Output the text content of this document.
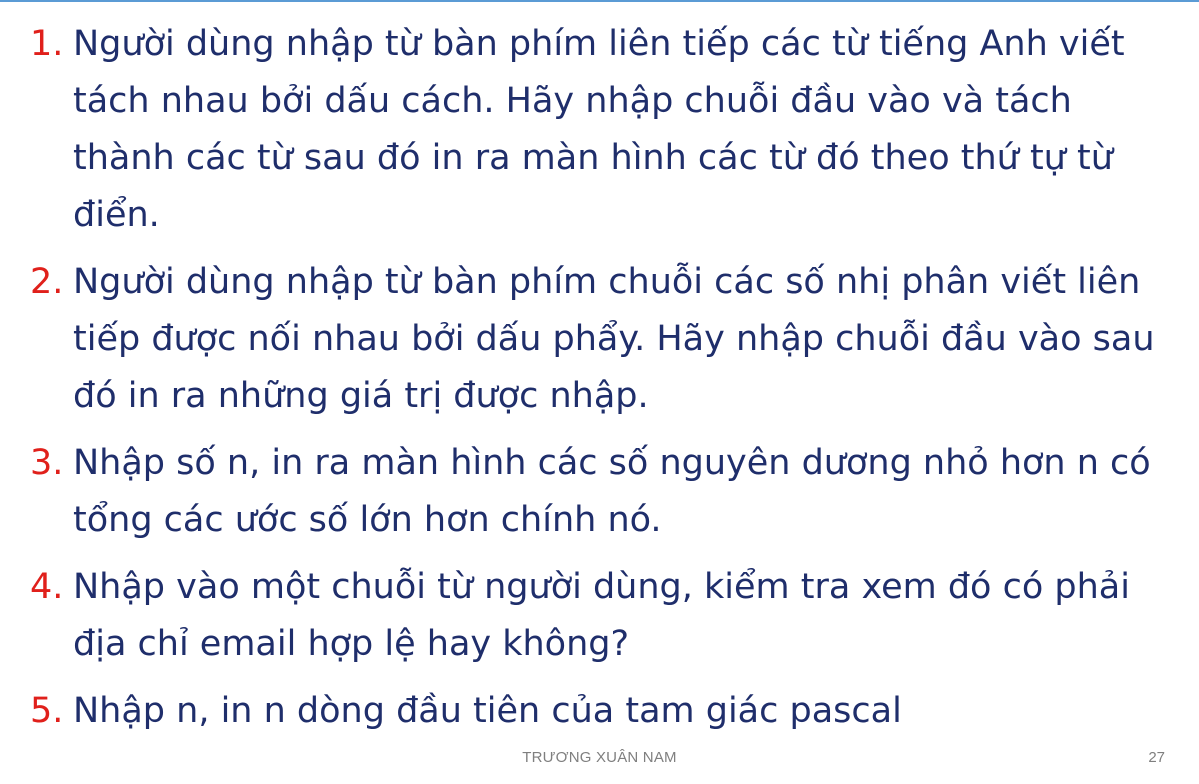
1. Người dùng nhập từ bàn phím liên tiếp các từ tiếng Anh viết tách nhau bởi dấu cách. Hãy nhập chuỗi đầu vào và tách thành các từ sau đó in ra màn hình các từ đó theo thứ tự từ điển.
2. Người dùng nhập từ bàn phím chuỗi các số nhị phân viết liên tiếp được nối nhau bởi dấu phẩy. Hãy nhập chuỗi đầu vào sau đó in ra những giá trị được nhập.
3. Nhập số n, in ra màn hình các số nguyên dương nhỏ hơn n có tổng các ước số lớn hơn chính nó.
4. Nhập vào một chuỗi từ người dùng, kiểm tra xem đó có phải địa chỉ email hợp lệ hay không?
5. Nhập n, in n dòng đầu tiên của tam giác pascal
TRƯƠNG XUÂN NAM	27
